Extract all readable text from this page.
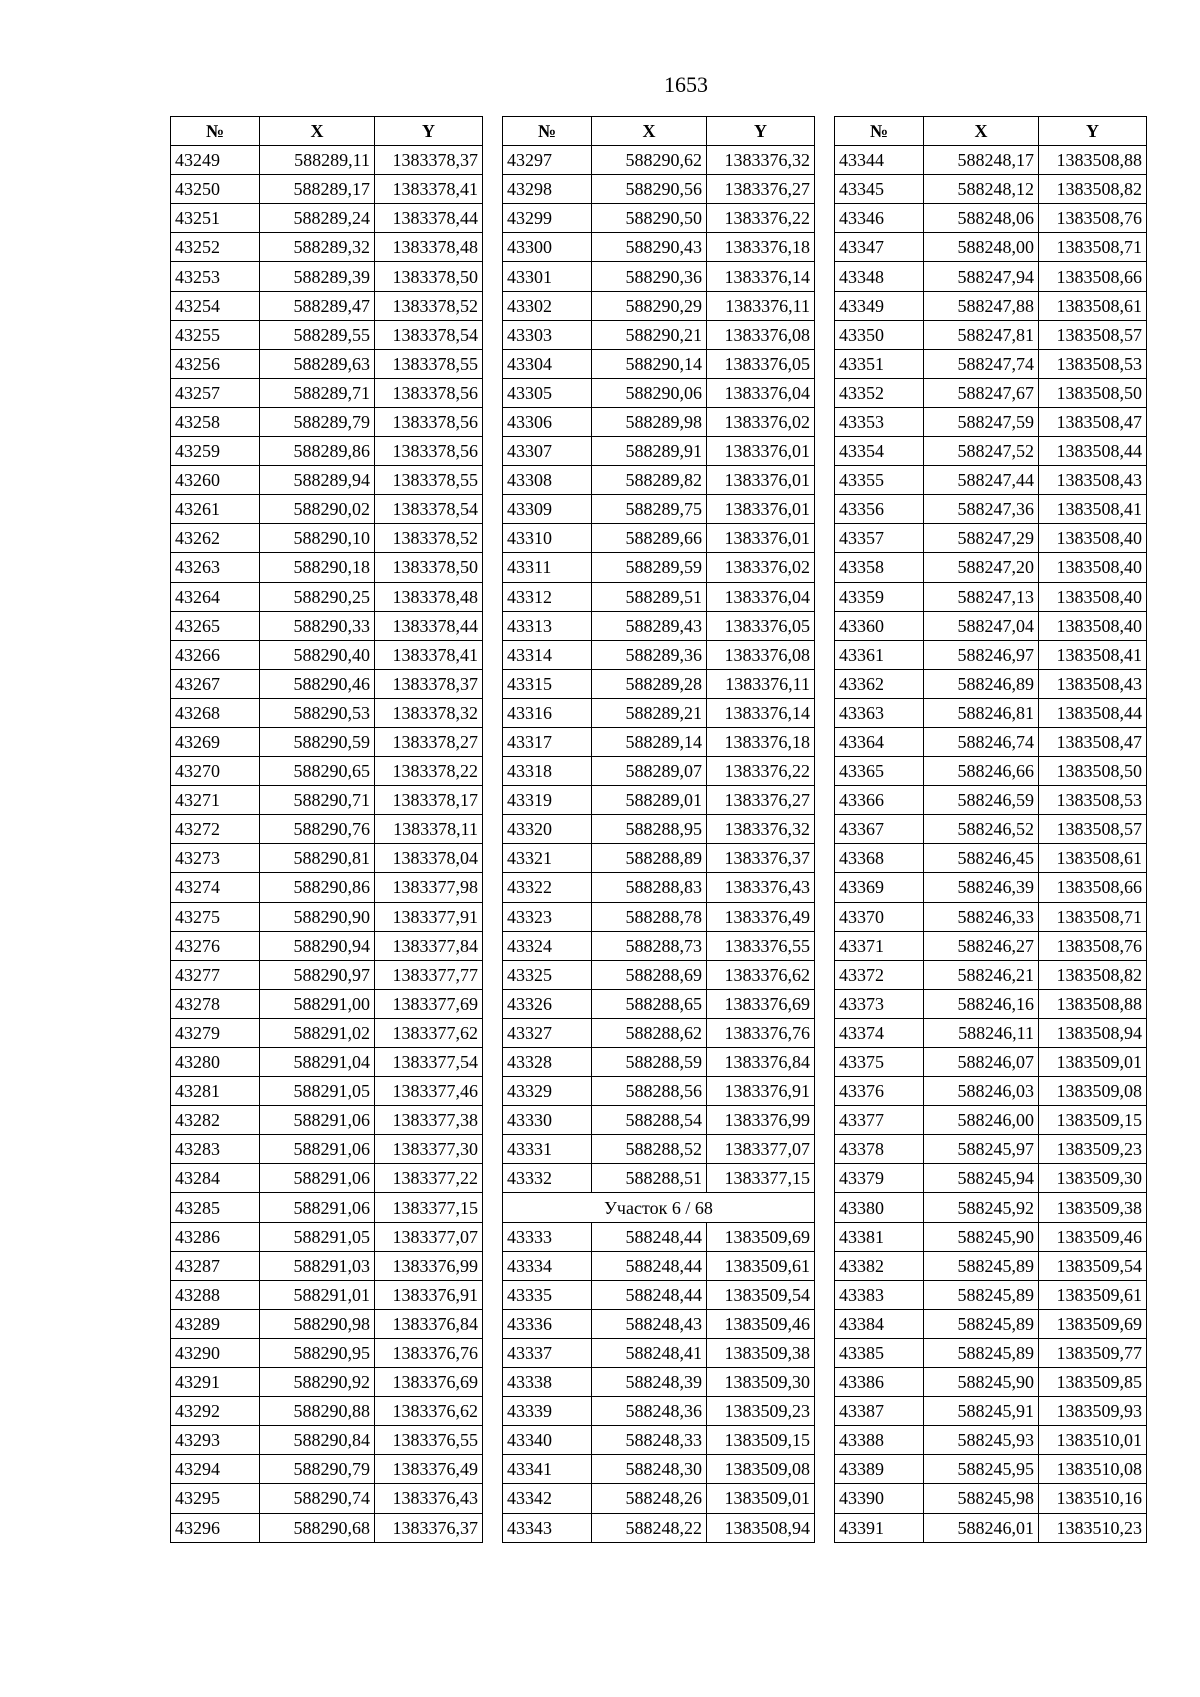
1653
№	X	Y
43249	588289,11	1383378,37
43250	588289,17	1383378,41
43251	588289,24	1383378,44
43252	588289,32	1383378,48
43253	588289,39	1383378,50
43254	588289,47	1383378,52
43255	588289,55	1383378,54
43256	588289,63	1383378,55
43257	588289,71	1383378,56
43258	588289,79	1383378,56
43259	588289,86	1383378,56
43260	588289,94	1383378,55
43261	588290,02	1383378,54
43262	588290,10	1383378,52
43263	588290,18	1383378,50
43264	588290,25	1383378,48
43265	588290,33	1383378,44
43266	588290,40	1383378,41
43267	588290,46	1383378,37
43268	588290,53	1383378,32
43269	588290,59	1383378,27
43270	588290,65	1383378,22
43271	588290,71	1383378,17
43272	588290,76	1383378,11
43273	588290,81	1383378,04
43274	588290,86	1383377,98
43275	588290,90	1383377,91
43276	588290,94	1383377,84
43277	588290,97	1383377,77
43278	588291,00	1383377,69
43279	588291,02	1383377,62
43280	588291,04	1383377,54
43281	588291,05	1383377,46
43282	588291,06	1383377,38
43283	588291,06	1383377,30
43284	588291,06	1383377,22
43285	588291,06	1383377,15
43286	588291,05	1383377,07
43287	588291,03	1383376,99
43288	588291,01	1383376,91
43289	588290,98	1383376,84
43290	588290,95	1383376,76
43291	588290,92	1383376,69
43292	588290,88	1383376,62
43293	588290,84	1383376,55
43294	588290,79	1383376,49
43295	588290,74	1383376,43
43296	588290,68	1383376,37
№	X	Y
43297	588290,62	1383376,32
43298	588290,56	1383376,27
43299	588290,50	1383376,22
43300	588290,43	1383376,18
43301	588290,36	1383376,14
43302	588290,29	1383376,11
43303	588290,21	1383376,08
43304	588290,14	1383376,05
43305	588290,06	1383376,04
43306	588289,98	1383376,02
43307	588289,91	1383376,01
43308	588289,82	1383376,01
43309	588289,75	1383376,01
43310	588289,66	1383376,01
43311	588289,59	1383376,02
43312	588289,51	1383376,04
43313	588289,43	1383376,05
43314	588289,36	1383376,08
43315	588289,28	1383376,11
43316	588289,21	1383376,14
43317	588289,14	1383376,18
43318	588289,07	1383376,22
43319	588289,01	1383376,27
43320	588288,95	1383376,32
43321	588288,89	1383376,37
43322	588288,83	1383376,43
43323	588288,78	1383376,49
43324	588288,73	1383376,55
43325	588288,69	1383376,62
43326	588288,65	1383376,69
43327	588288,62	1383376,76
43328	588288,59	1383376,84
43329	588288,56	1383376,91
43330	588288,54	1383376,99
43331	588288,52	1383377,07
43332	588288,51	1383377,15
Участок 6 / 68		
43333	588248,44	1383509,69
43334	588248,44	1383509,61
43335	588248,44	1383509,54
43336	588248,43	1383509,46
43337	588248,41	1383509,38
43338	588248,39	1383509,30
43339	588248,36	1383509,23
43340	588248,33	1383509,15
43341	588248,30	1383509,08
43342	588248,26	1383509,01
43343	588248,22	1383508,94
№	X	Y
43344	588248,17	1383508,88
43345	588248,12	1383508,82
43346	588248,06	1383508,76
43347	588248,00	1383508,71
43348	588247,94	1383508,66
43349	588247,88	1383508,61
43350	588247,81	1383508,57
43351	588247,74	1383508,53
43352	588247,67	1383508,50
43353	588247,59	1383508,47
43354	588247,52	1383508,44
43355	588247,44	1383508,43
43356	588247,36	1383508,41
43357	588247,29	1383508,40
43358	588247,20	1383508,40
43359	588247,13	1383508,40
43360	588247,04	1383508,40
43361	588246,97	1383508,41
43362	588246,89	1383508,43
43363	588246,81	1383508,44
43364	588246,74	1383508,47
43365	588246,66	1383508,50
43366	588246,59	1383508,53
43367	588246,52	1383508,57
43368	588246,45	1383508,61
43369	588246,39	1383508,66
43370	588246,33	1383508,71
43371	588246,27	1383508,76
43372	588246,21	1383508,82
43373	588246,16	1383508,88
43374	588246,11	1383508,94
43375	588246,07	1383509,01
43376	588246,03	1383509,08
43377	588246,00	1383509,15
43378	588245,97	1383509,23
43379	588245,94	1383509,30
43380	588245,92	1383509,38
43381	588245,90	1383509,46
43382	588245,89	1383509,54
43383	588245,89	1383509,61
43384	588245,89	1383509,69
43385	588245,89	1383509,77
43386	588245,90	1383509,85
43387	588245,91	1383509,93
43388	588245,93	1383510,01
43389	588245,95	1383510,08
43390	588245,98	1383510,16
43391	588246,01	1383510,23
